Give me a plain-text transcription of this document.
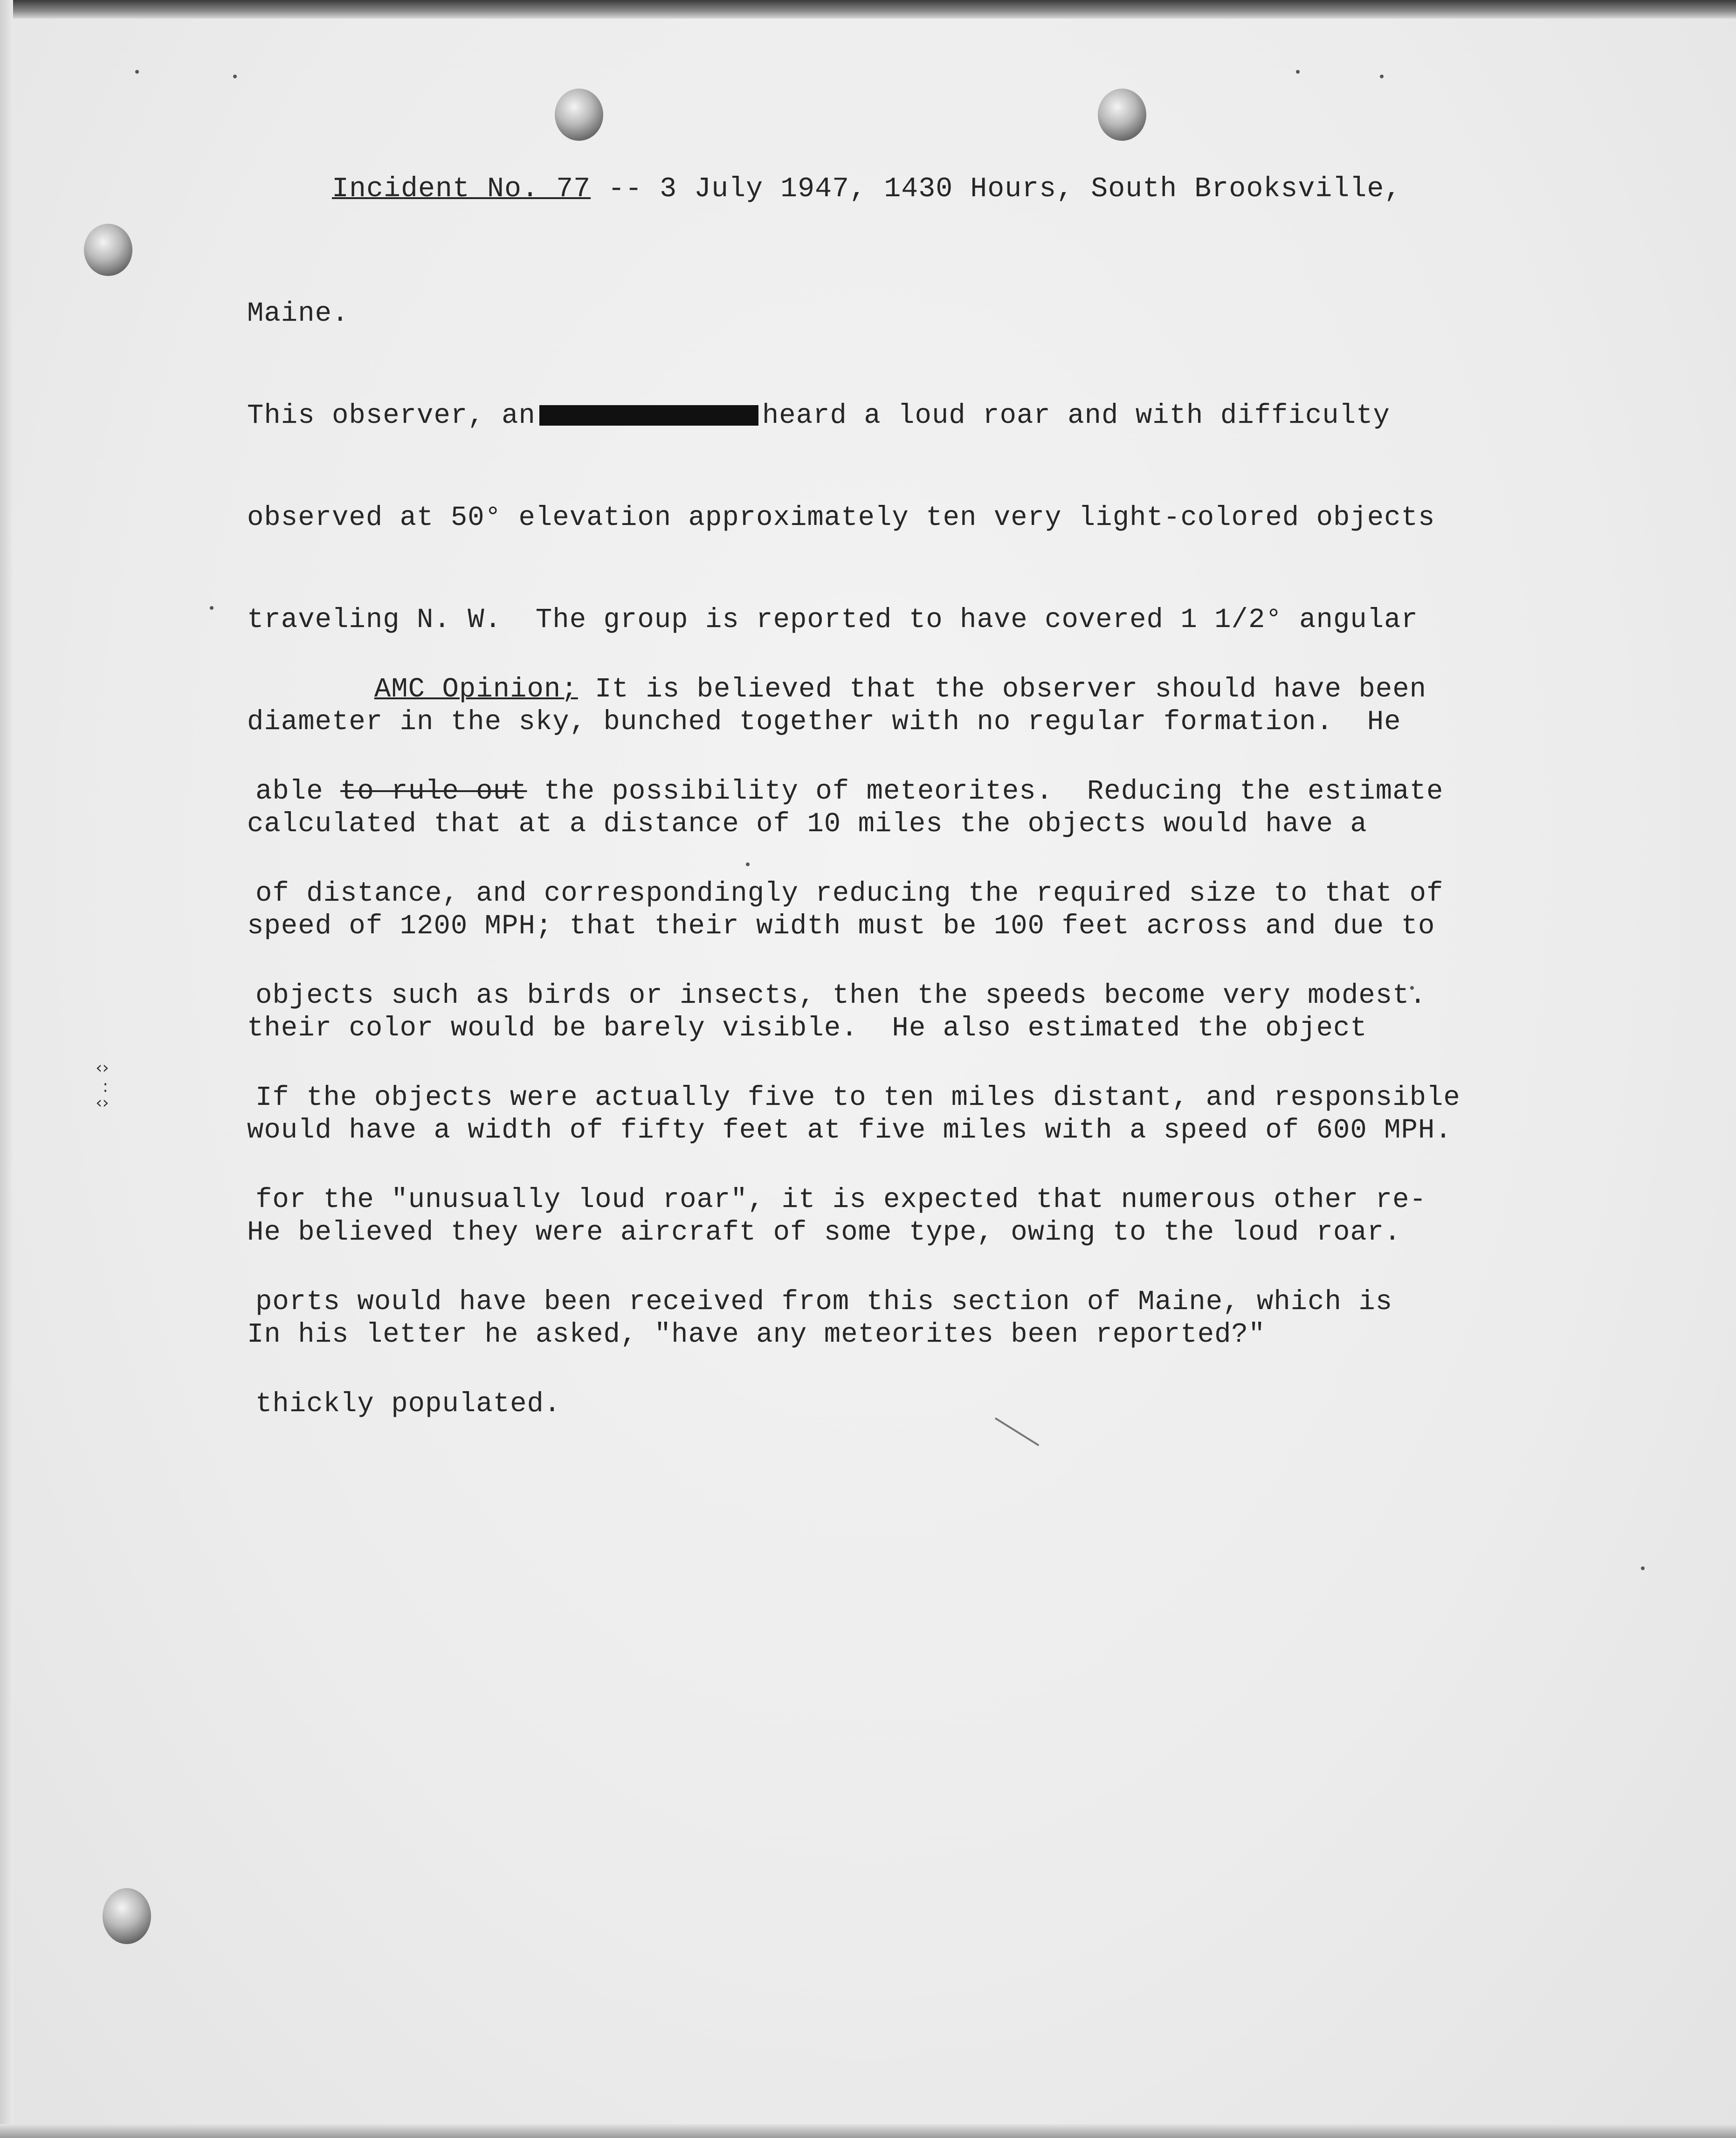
‹›
:
‹›
Incident No. 77 -- 3 July 1947, 1430 Hours, South Brooksville,

Maine.

This observer, an	heard a loud roar and with difficulty

observed at 50° elevation approximately ten very light-colored objects

traveling N. W.  The group is reported to have covered 1 1/2° angular

diameter in the sky, bunched together with no regular formation.  He

calculated that at a distance of 10 miles the objects would have a

speed of 1200 MPH; that their width must be 100 feet across and due to

their color would be barely visible.  He also estimated the object

would have a width of fifty feet at five miles with a speed of 600 MPH.

He believed they were aircraft of some type, owing to the loud roar.

In his letter he asked, "have any meteorites been reported?"

AMC Opinion; It is believed that the observer should have been

able to rule out the possibility of meteorites.  Reducing the estimate

of distance, and correspondingly reducing the required size to that of

objects such as birds or insects, then the speeds become very modest.

If the objects were actually five to ten miles distant, and responsible

for the "unusually loud roar", it is expected that numerous other re-

ports would have been received from this section of Maine, which is

thickly populated.
